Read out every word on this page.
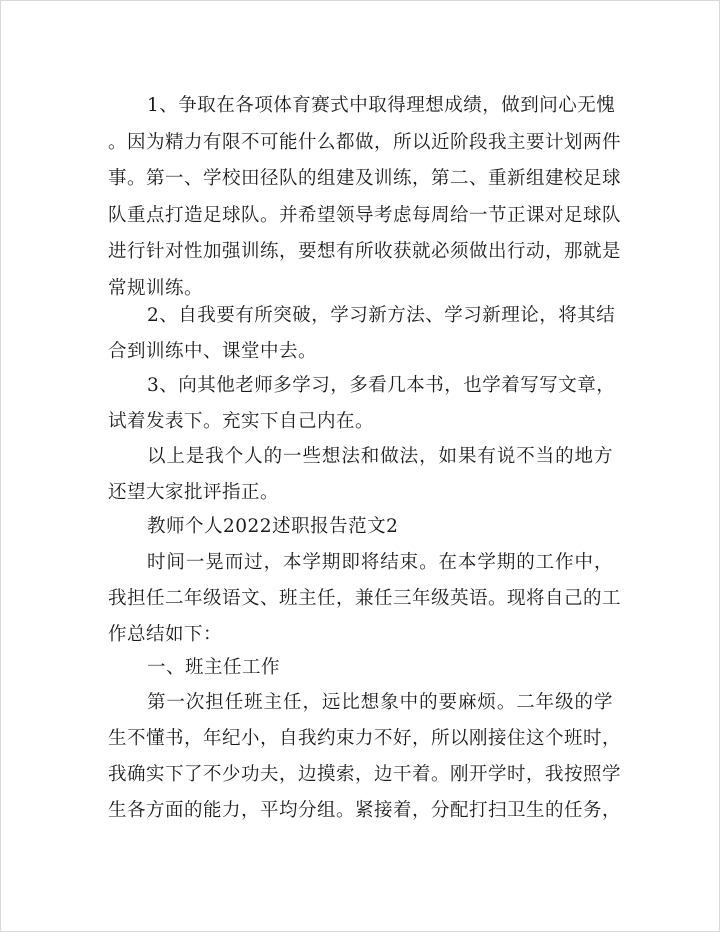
1、争取在各项体育赛式中取得理想成绩，做到问心无愧
。因为精力有限不可能什么都做，所以近阶段我主要计划两件
事。第一、学校田径队的组建及训练，第二、重新组建校足球
队重点打造足球队。并希望领导考虑每周给一节正课对足球队
进行针对性加强训练，要想有所收获就必须做出行动，那就是
常规训练。
2、自我要有所突破，学习新方法、学习新理论，将其结
合到训练中、课堂中去。
3、向其他老师多学习，多看几本书，也学着写写文章，
试着发表下。充实下自己内在。
以上是我个人的一些想法和做法，如果有说不当的地方
还望大家批评指正。
教师个人2022述职报告范文2
时间一晃而过，本学期即将结束。在本学期的工作中，
我担任二年级语文、班主任，兼任三年级英语。现将自己的工
作总结如下：
一、班主任工作
第一次担任班主任，远比想象中的要麻烦。二年级的学
生不懂书，年纪小，自我约束力不好，所以刚接住这个班时，
我确实下了不少功夫，边摸索，边干着。刚开学时，我按照学
生各方面的能力，平均分组。紧接着，分配打扫卫生的任务，
